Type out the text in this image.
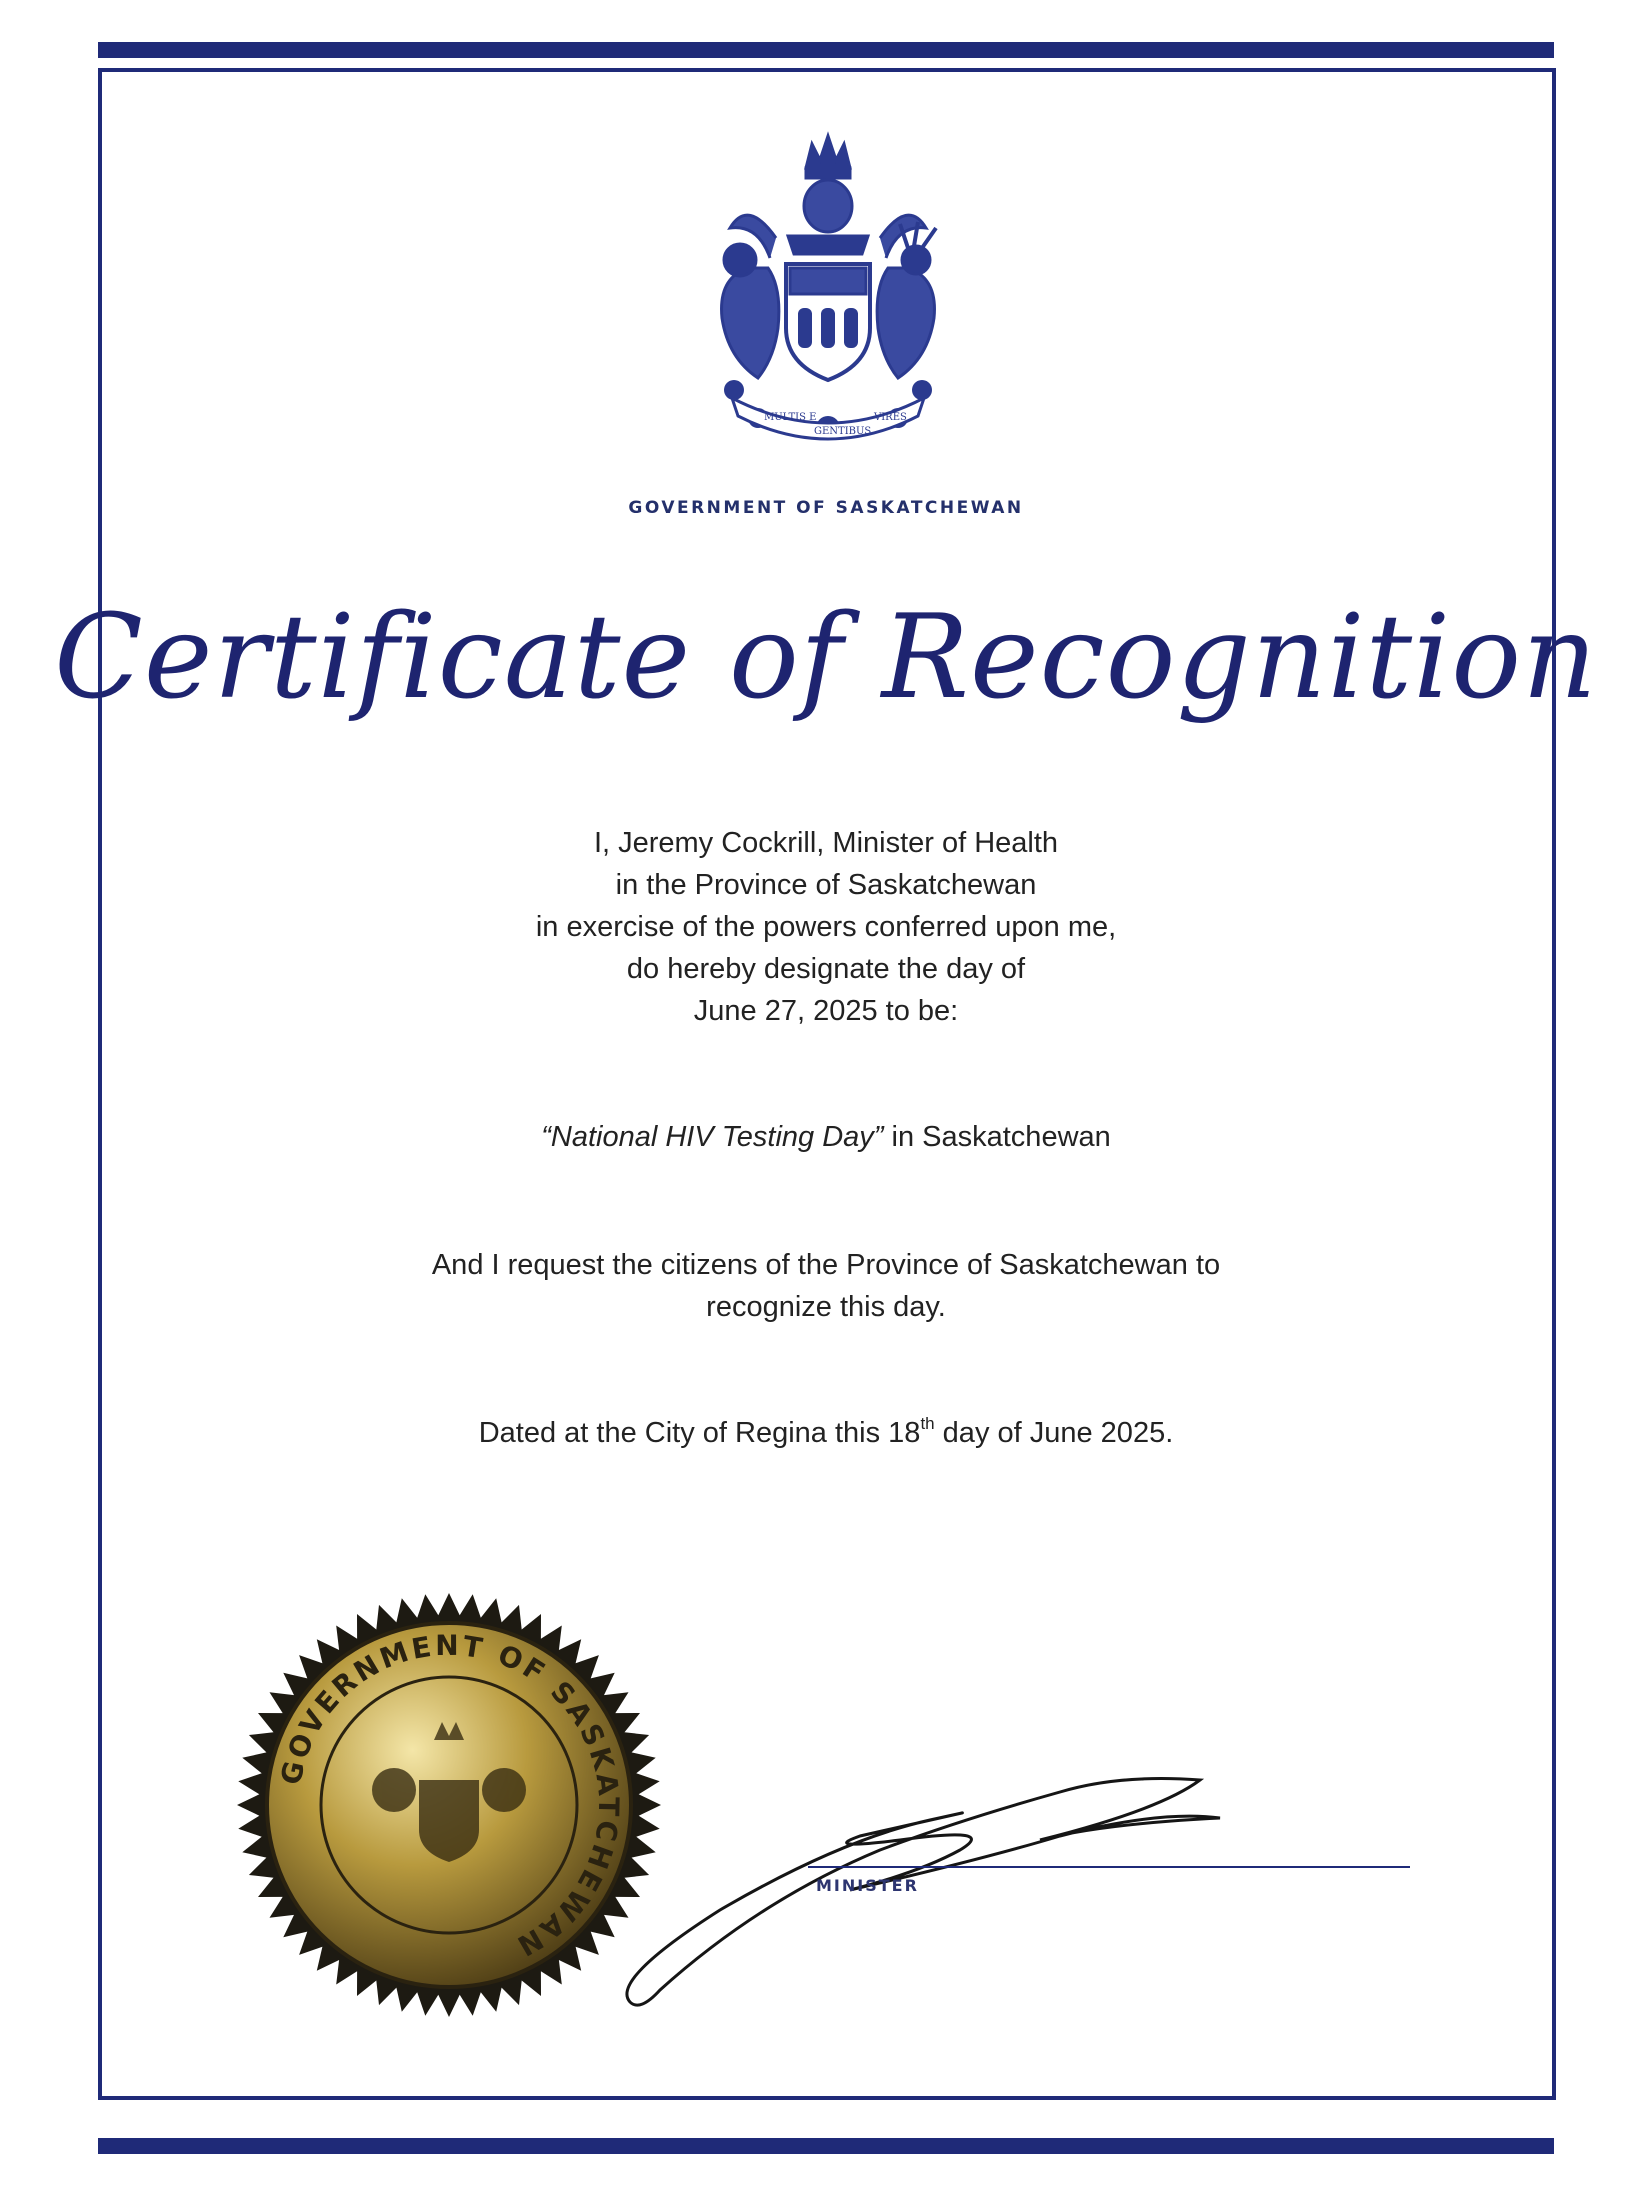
MULTIS E
GENTIBUS
VIRES
GOVERNMENT OF SASKATCHEWAN
Certificate of Recognition
I, Jeremy Cockrill, Minister of Health
in the Province of Saskatchewan
in exercise of the powers conferred upon me,
do hereby designate the day of
June 27, 2025 to be:
“National HIV Testing Day” in Saskatchewan
And I request the citizens of the Province of Saskatchewan to
recognize this day.
Dated at the City of Regina this 18th day of June 2025.
GOVERNMENT OF SASKATCHEWAN
MINISTER
